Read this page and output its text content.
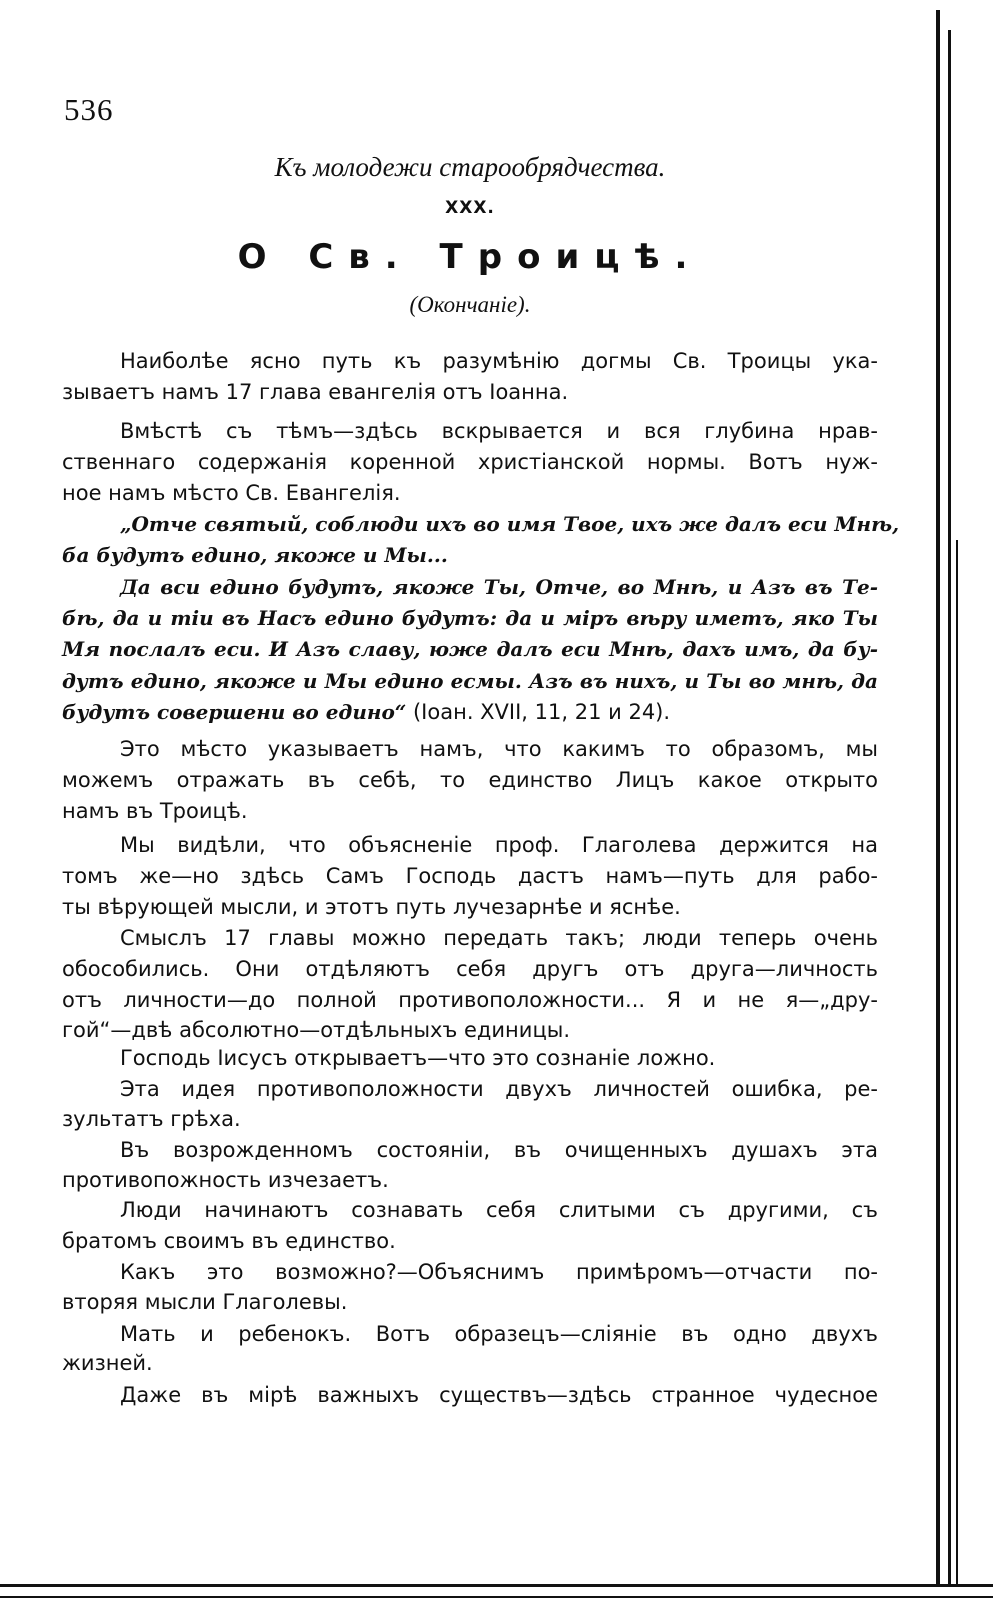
536
Къ молодежи старообрядчества.
XXX.
О Св. Троицѣ.
(Окончаніе).
Наиболѣе ясно путь къ разумѣнію догмы Св. Троицы ука-
зываетъ намъ 17 глава евангелія отъ Іоанна.
Вмѣстѣ съ тѣмъ—здѣсь вскрывается и вся глубина нрав-
ственнаго содержанія коренной христіанской нормы. Вотъ нуж-
ное намъ мѣсто Св. Евангелія.
„Отче святый, соблюди ихъ во имя Твое, ихъ же далъ еси Мнѣ,
ба будутъ едино, якоже и Мы...
Да вси едино будутъ, якоже Ты, Отче, во Мнѣ, и Азъ въ Те-
бѣ, да и тіи въ Насъ едино будутъ: да и міръ вѣру иметъ, яко Ты
Мя послалъ еси. И Азъ славу, юже далъ еси Мнѣ, дахъ имъ, да бу-
дутъ едино, якоже и Мы едино есмы. Азъ въ нихъ, и Ты во мнѣ, да
будутъ совершени во едино“ (Іоан. XVII, 11, 21 и 24).
Это мѣсто указываетъ намъ, что какимъ то образомъ, мы
можемъ отражать въ себѣ, то единство Лицъ какое открыто
намъ въ Троицѣ.
Мы видѣли, что объясненіе проф. Глаголева держится на
томъ же—но здѣсь Самъ Господь дастъ намъ—путь для рабо-
ты вѣрующей мысли, и этотъ путь лучезарнѣе и яснѣе.
Смыслъ 17 главы можно передать такъ; люди теперь очень
обособились. Они отдѣляютъ себя другъ отъ друга—личность
отъ личности—до полной противоположности... Я и не я—„дру-
гой“—двѣ абсолютно—отдѣльныхъ единицы.
Господь Іисусъ открываетъ—что это сознаніе ложно.
Эта идея противоположности двухъ личностей ошибка, ре-
зультатъ грѣха.
Въ возрожденномъ состояніи, въ очищенныхъ душахъ эта
противопожность изчезаетъ.
Люди начинаютъ сознавать себя слитыми съ другими, съ
братомъ своимъ въ единство.
Какъ это возможно?—Объяснимъ примѣромъ—отчасти по-
вторяя мысли Глаголевы.
Мать и ребенокъ. Вотъ образецъ—сліяніе въ одно двухъ
жизней.
Даже въ мірѣ важныхъ существъ—здѣсь странное чудесное
